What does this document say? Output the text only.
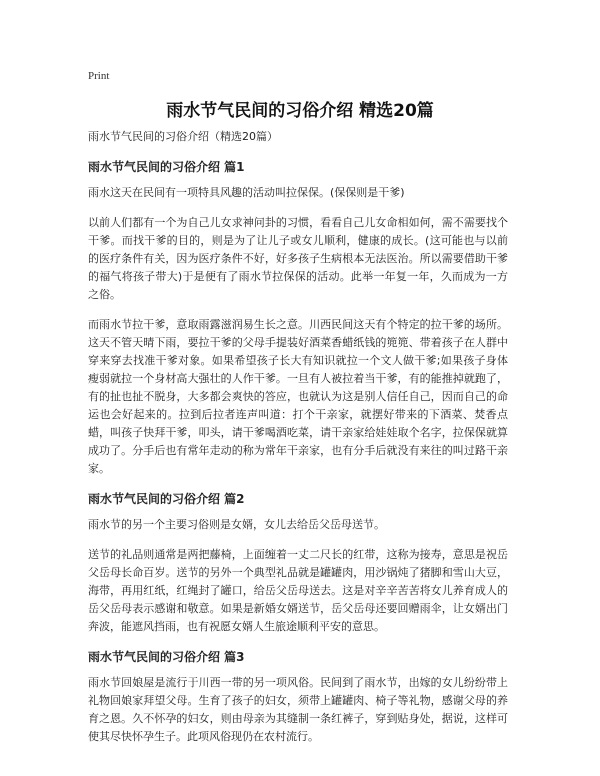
Print
雨水节气民间的习俗介绍 精选20篇

雨水节气民间的习俗介绍（精选20篇）

雨水节气民间的习俗介绍 篇1

雨水这天在民间有一项特具风趣的活动叫拉保保。(保保则是干爹)

以前人们都有一个为自己儿女求神问卦的习惯，看看自己儿女命相如何，需不需要找个干爹。而找干爹的目的，则是为了让儿子或女儿顺利，健康的成长。(这可能也与以前的医疗条件有关，因为医疗条件不好，好多孩子生病根本无法医治。所以需要借助干爹的福气将孩子带大)于是便有了雨水节拉保保的活动。此举一年复一年，久而成为一方之俗。

而雨水节拉干爹，意取雨露滋润易生长之意。川西民间这天有个特定的拉干爹的场所。这天不管天晴下雨，要拉干爹的父母手提装好酒菜香蜡纸钱的篼篼、带着孩子在人群中穿来穿去找准干爹对象。如果希望孩子长大有知识就拉一个文人做干爹;如果孩子身体瘦弱就拉一个身材高大强壮的人作干爹。一旦有人被拉着当干爹，有的能推掉就跑了，有的扯也扯不脱身，大多都会爽快的答应，也就认为这是别人信任自己，因而自己的命运也会好起来的。拉到后拉者连声叫道：打个干亲家，就摆好带来的下酒菜、焚香点蜡，叫孩子快拜干爹，叩头，请干爹喝酒吃菜，请干亲家给娃娃取个名字，拉保保就算成功了。分手后也有常年走动的称为常年干亲家，也有分手后就没有来往的叫过路干亲家。

雨水节气民间的习俗介绍 篇2

雨水节的另一个主要习俗则是女婿，女儿去给岳父岳母送节。

送节的礼品则通常是两把藤椅，上面缠着一丈二尺长的红带，这称为接寿，意思是祝岳父岳母长命百岁。送节的另外一个典型礼品就是罐罐肉，用沙锅炖了猪脚和雪山大豆，海带，再用红纸，红绳封了罐口，给岳父岳母送去。这是对辛辛苦苦将女儿养育成人的岳父岳母表示感谢和敬意。如果是新婚女婿送节，岳父岳母还要回赠雨伞，让女婿出门奔波，能遮风挡雨，也有祝愿女婿人生旅途顺利平安的意思。

雨水节气民间的习俗介绍 篇3

雨水节回娘屋是流行于川西一带的另一项风俗。民间到了雨水节，出嫁的女儿纷纷带上礼物回娘家拜望父母。生育了孩子的妇女，须带上罐罐肉、椅子等礼物，感谢父母的养育之恩。久不怀孕的妇女，则由母亲为其缝制一条红裤子，穿到贴身处，据说，这样可使其尽快怀孕生子。此项风俗现仍在农村流行。
